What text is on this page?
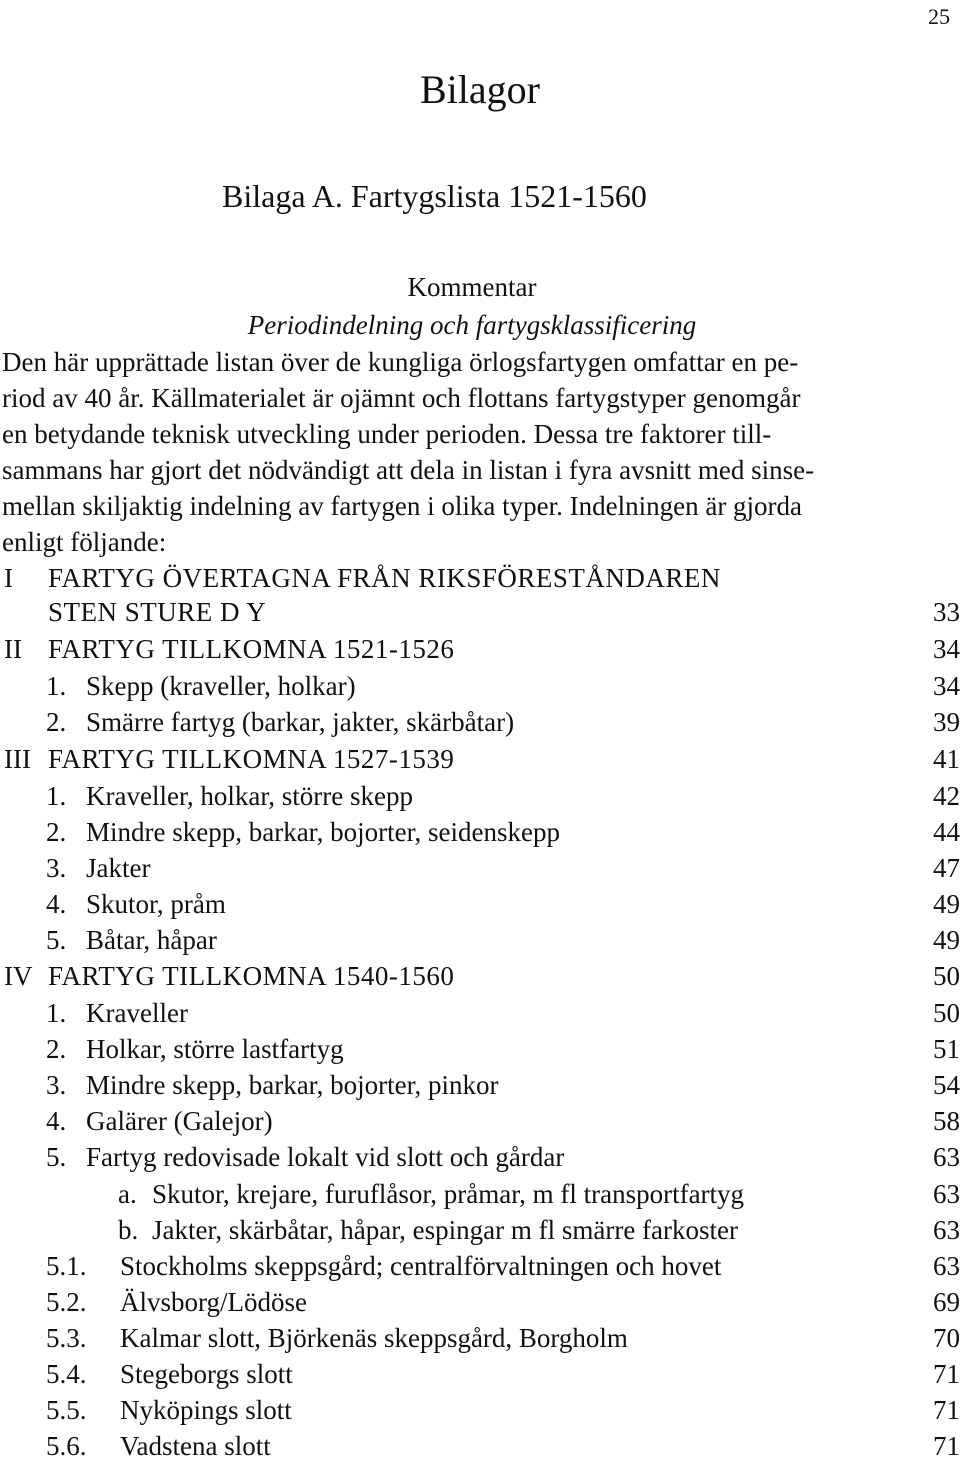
25
Bilagor
Bilaga A. Fartygslista 1521-1560
Kommentar
Periodindelning och fartygsklassificering

Den här upprättade listan över de kungliga örlogsfartygen omfattar en pe-
riod av 40 år. Källmaterialet är ojämnt och flottans fartygstyper genomgår
en betydande teknisk utveckling under perioden. Dessa tre faktorer till-
sammans har gjort det nödvändigt att dela in listan i fyra avsnitt med sinse-
mellan skiljaktig indelning av fartygen i olika typer. Indelningen är gjorda
enligt följande:

I FARTYG ÖVERTAGNA FRÅN RIKSFÖRESTÅNDAREN
STEN STURE D Y	33
II FARTYG TILLKOMNA 1521-1526	34
1. Skepp (kraveller, holkar)	34
2. Smärre fartyg (barkar, jakter, skärbåtar)	39
III FARTYG TILLKOMNA 1527-1539	41
1. Kraveller, holkar, större skepp	42
2. Mindre skepp, barkar, bojorter, seidenskepp	44
3. Jakter	47
4. Skutor, pråm	49
5. Båtar, håpar	49
IV FARTYG TILLKOMNA 1540-1560	50
1. Kraveller	50
2. Holkar, större lastfartyg	51
3. Mindre skepp, barkar, bojorter, pinkor	54
4. Galärer (Galejor)	58
5. Fartyg redovisade lokalt vid slott och gårdar	63
a. Skutor, krejare, furuflåsor, pråmar, m fl transportfartyg	63
b. Jakter, skärbåtar, håpar, espingar m fl smärre farkoster	63
5.1. Stockholms skeppsgård; centralförvaltningen och hovet	63
5.2. Älvsborg/Lödöse	69
5.3. Kalmar slott, Björkenäs skeppsgård, Borgholm	70
5.4. Stegeborgs slott	71
5.5. Nyköpings slott	71
5.6. Vadstena slott	71
